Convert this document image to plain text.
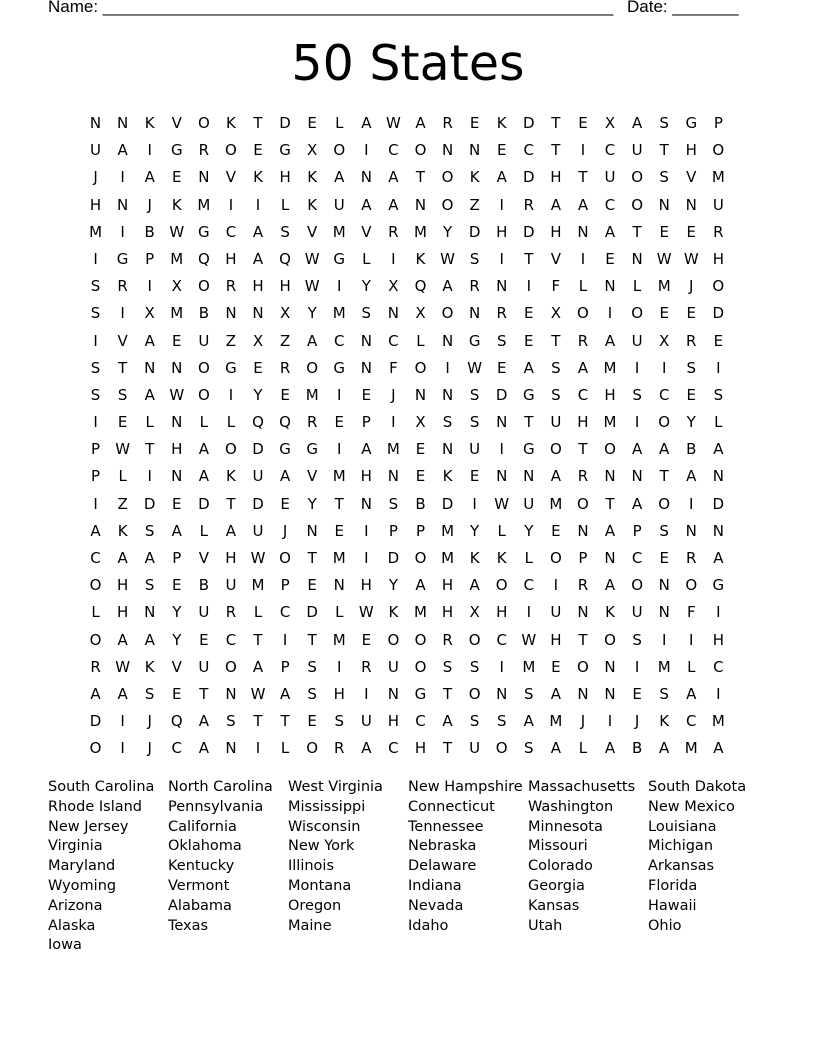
Name: ______________________________________________________ Date: _______
50 States
N	N	K	V	O	K	T	D	E	L	A W A	R	E	K	D	T	E	X	A	S	G	P
U	A	I	G	R	O	E	G	X	O	I	C	O	N	N	E	C	T	I	C	U	T	H	O
J	I	A	E	N	V	K	H	K	A	N	A	T	O	K	A	D	H	T	U	O	S	V	M
H	N	J	K	M	I	I	L	K	U	A	A	N	O	Z	I	R	A	A	C	O	N	N	U
M	I	B W G	C	A	S	V	M	V	R	M	Y	D	H	D	H	N	A	T	E	E	R
I	G	P	M Q	H	A	Q W G	L	I	K W S	I	T	V	I	E	N W W H
S	R	I	X	O	R	H	H W	I	Y	X	Q	A	R	N	I	F	L	N	L	M	J	O
S	I	X	M	B	N	N	X	Y	M	S	N	X	O	N	R	E	X	O	I	O	E	E	D
I	V	A	E	U	Z	X	Z	A	C	N	C	L	N	G	S	E	T	R	A	U	X	R	E
S	T	N	N	O	G	E	R	O	G	N	F	O	I	W E	A	S	A	M	I	I	S	I
S	S	A W O	I	Y	E	M	I	E	J	N	N	S	D	G	S	C	H	S	C	E	S
I	E	L	N	L	L	Q	Q	R	E	P	I	X	S	S	N	T	U	H M	I	O	Y	L
P	W	T	H	A	O	D	G	G	I	A	M	E	N	U	I	G	O	T	O	A	A	B	A
P	L	I	N	A	K	U	A	V	M H	N	E	K	E	N	N	A	R	N	N	T	A	N
I	Z	D	E	D	T	D	E	Y	T	N	S	B	D	I	W U	M O	T	A	O	I	D
A	K	S	A	L	A	U	J	N	E	I	P	P	M	Y	L	Y	E	N	A	P	S	N	N
C	A	A	P	V	H W O	T	M	I	D	O M	K	K	L	O	P	N	C	E	R	A
O	H	S	E	B	U	M	P	E	N	H	Y	A	H	A	O	C	I	R	A	O	N	O	G
L	H	N	Y	U	R	L	C	D	L	W K	M H	X	H	I	U	N	K	U	N	F	I
O	A	A	Y	E	C	T	I	T	M	E	O	O	R	O	C W H	T	O	S	I	I	H
R W K	V	U	O	A	P	S	I	R	U	O	S	S	I	M	E	O	N	I	M	L	C
A	A	S	E	T	N W A	S	H	I	N	G	T	O	N	S	A	N	N	E	S	A	I
D	I	J	Q	A	S	T	T	E	S	U	H	C	A	S	S	A	M	J	I	J	K	C	M
O	I	J	C	A	N	I	L	O	R	A	C	H	T	U	O	S	A	L	A	B	A	M	A
South Carolina
Rhode Island
New Jersey
Virginia
Maryland
Wyoming
Arizona
Alaska
Iowa
North Carolina
Pennsylvania
California
Oklahoma
Kentucky
Vermont
Alabama
Texas
West Virginia
Mississippi
Wisconsin
New York
Illinois
Montana
Oregon
Maine
New Hampshire
Connecticut
Tennessee
Nebraska
Delaware
Indiana
Nevada
Idaho
Massachusetts
Washington
Minnesota
Missouri
Colorado
Georgia
Kansas
Utah
South Dakota
New Mexico
Louisiana
Michigan
Arkansas
Florida
Hawaii
Ohio
